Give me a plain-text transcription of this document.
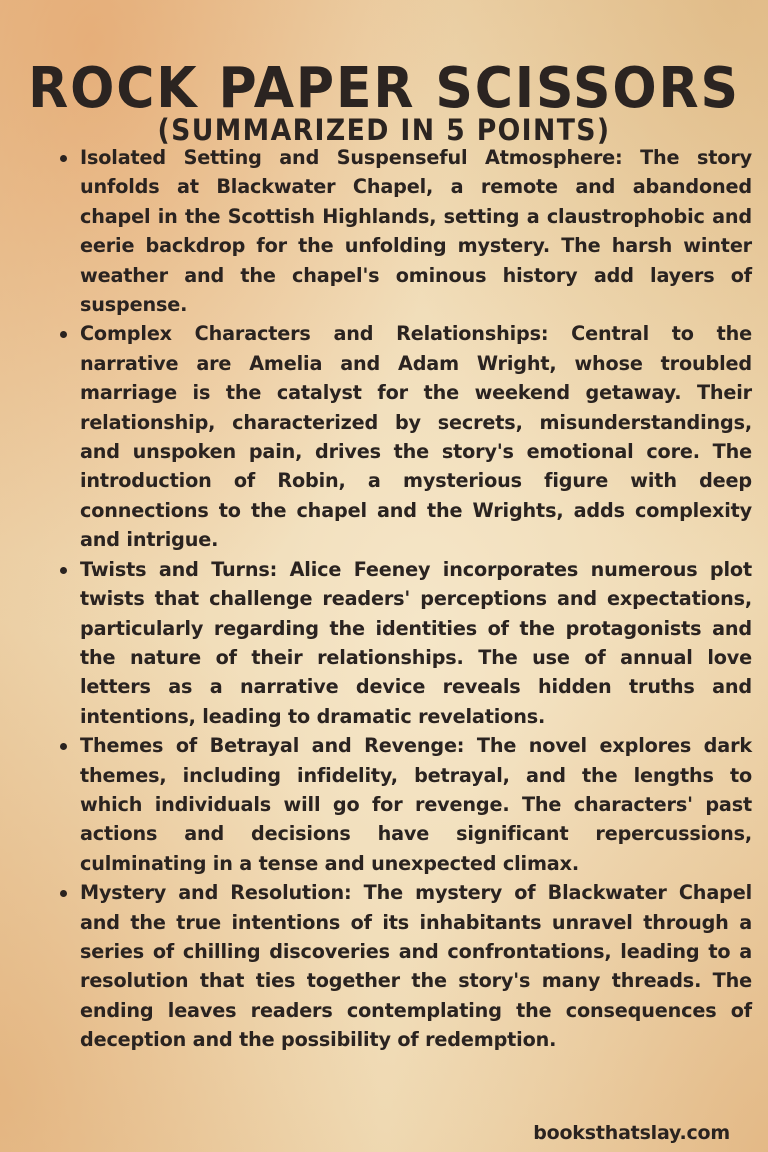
ROCK PAPER SCISSORS
(SUMMARIZED IN 5 POINTS)
Isolated Setting and Suspenseful Atmosphere: The story unfolds at Blackwater Chapel, a remote and abandoned chapel in the Scottish Highlands, setting a claustrophobic and eerie backdrop for the unfolding mystery. The harsh winter weather and the chapel's ominous history add layers of suspense.
Complex Characters and Relationships: Central to the narrative are Amelia and Adam Wright, whose troubled marriage is the catalyst for the weekend getaway. Their relationship, characterized by secrets, misunderstandings, and unspoken pain, drives the story's emotional core. The introduction of Robin, a mysterious figure with deep connections to the chapel and the Wrights, adds complexity and intrigue.
Twists and Turns: Alice Feeney incorporates numerous plot twists that challenge readers' perceptions and expectations, particularly regarding the identities of the protagonists and the nature of their relationships. The use of annual love letters as a narrative device reveals hidden truths and intentions, leading to dramatic revelations.
Themes of Betrayal and Revenge: The novel explores dark themes, including infidelity, betrayal, and the lengths to which individuals will go for revenge. The characters' past actions and decisions have significant repercussions, culminating in a tense and unexpected climax.
Mystery and Resolution: The mystery of Blackwater Chapel and the true intentions of its inhabitants unravel through a series of chilling discoveries and confrontations, leading to a resolution that ties together the story's many threads. The ending leaves readers contemplating the consequences of deception and the possibility of redemption.
booksthatslay.com
